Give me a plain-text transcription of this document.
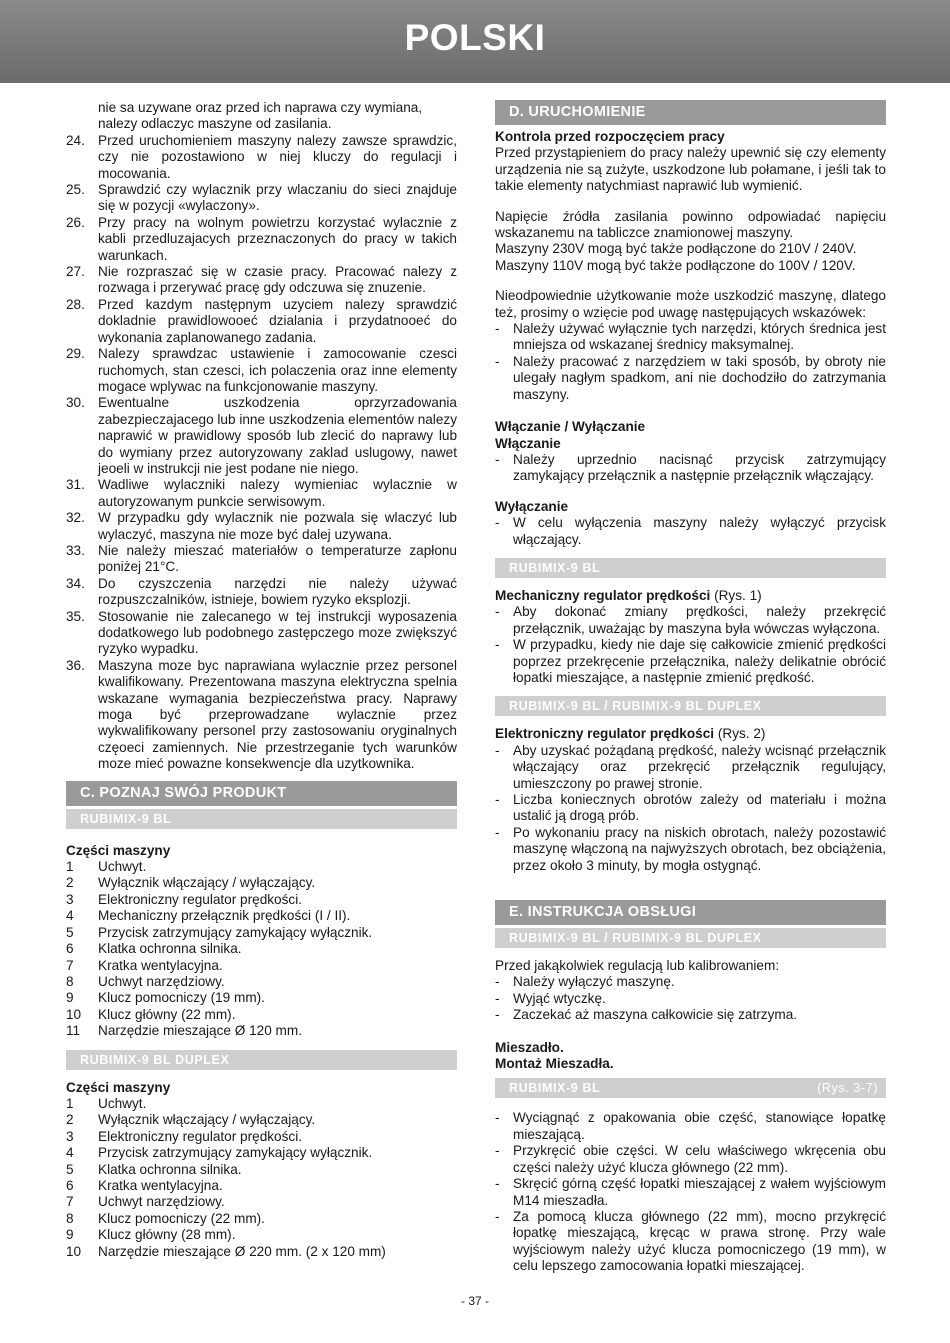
POLSKI
nie sa uzywane oraz przed ich naprawa czy wymiana,
nalezy odlaczyc maszyne od zasilania.
24. Przed uruchomieniem maszyny nalezy zawsze sprawdzic, czy nie pozostawiono w niej kluczy do regulacji i mocowania.
25. Sprawdzić czy wylacznik przy wlaczaniu do sieci znajduje się w pozycji «wylaczony».
26. Przy pracy na wolnym powietrzu korzystać wylacznie z kabli przedluzajacych przeznaczonych do pracy w takich warunkach.
27. Nie rozpraszać się w czasie pracy. Pracować nalezy z rozwaga i przerywać pracę gdy odczuwa się znuzenie.
28. Przed kazdym następnym uzyciem nalezy sprawdzić dokladnie prawidlowooeć dzialania i przydatnooeć do wykonania zaplanowanego zadania.
29. Nalezy sprawdzac ustawienie i zamocowanie czesci ruchomych, stan czesci, ich polaczenia oraz inne elementy mogace wplywac na funkcjonowanie maszyny.
30. Ewentualne uszkodzenia oprzyrzadowania zabezpieczajacego lub inne uszkodzenia elementów nalezy naprawić w prawidlowy sposób lub zlecić do naprawy lub do wymiany przez autoryzowany zaklad uslugowy, nawet jeoeli w instrukcji nie jest podane nie niego.
31. Wadliwe wylaczniki nalezy wymieniac wylacznie w autoryzowanym punkcie serwisowym.
32. W przypadku gdy wylacznik nie pozwala się wlaczyć lub wylaczyć, maszyna nie moze być dalej uzywana.
33. Nie należy mieszać materiałów o temperaturze zapłonu poniżej 21°C.
34. Do czyszczenia narzędzi nie należy używać rozpuszczalników, istnieje, bowiem ryzyko eksplozji.
35. Stosowanie nie zalecanego w tej instrukcji wyposazenia dodatkowego lub podobnego zastępczego moze zwiększyć ryzyko wypadku.
36. Maszyna moze byc naprawiana wylacznie przez personel kwalifikowany. Prezentowana maszyna elektryczna spelnia wskazane wymagania bezpieczeństwa pracy. Naprawy moga być przeprowadzane wylacznie przez wykwalifikowany personel przy zastosowaniu oryginalnych częoeci zamiennych. Nie przestrzeganie tych warunków moze mieć powazne konsekwencje dla uzytkownika.
C. POZNAJ SWÓJ PRODUKT
RUBIMIX-9 BL
Części maszyny
1	Uchwyt.
2	Wyłącznik włączający / wyłączający.
3	Elektroniczny regulator prędkości.
4	Mechaniczny przełącznik prędkości (I / II).
5	Przycisk zatrzymujący zamykający wyłącznik.
6	Klatka ochronna silnika.
7	Kratka wentylacyjna.
8	Uchwyt narzędziowy.
9	Klucz pomocniczy (19 mm).
10	Klucz główny (22 mm).
11	Narzędzie mieszające Ø 120 mm.
RUBIMIX-9 BL DUPLEX
Części maszyny
1	Uchwyt.
2	Wyłącznik włączający / wyłączający.
3	Elektroniczny regulator prędkości.
4	Przycisk zatrzymujący zamykający wyłącznik.
5	Klatka ochronna silnika.
6	Kratka wentylacyjna.
7	Uchwyt narzędziowy.
8	Klucz pomocniczy (22 mm).
9	Klucz główny (28 mm).
10	Narzędzie mieszające Ø 220 mm. (2 x 120 mm)
D. URUCHOMIENIE
Kontrola przed rozpoczęciem pracy

Przed przystąpieniem do pracy należy upewnić się czy elementy urządzenia nie są zużyte, uszkodzone lub połamane, i jeśli tak to takie elementy natychmiast naprawić lub wymienić.

Napięcie źródła zasilania powinno odpowiadać napięciu wskazanemu na tabliczce znamionowej maszyny.

Maszyny 230V mogą być także podłączone do 210V / 240V.

Maszyny 110V mogą być także podłączone do 100V / 120V.

Nieodpowiednie użytkowanie może uszkodzić maszynę, dlatego też, prosimy o wzięcie pod uwagę następujących wskazówek:

- Należy używać wyłącznie tych narzędzi, których średnica jest mniejsza od wskazanej średnicy maksymalnej.
- Należy pracować z narzędziem w taki sposób, by obroty nie ulegały nagłym spadkom, ani nie dochodziło do zatrzymania maszyny.
Włączanie / Wyłączanie
Włączanie
- Należy uprzednio nacisnąć przycisk zatrzymujący zamykający przełącznik a następnie przełącznik włączający.
Wyłączanie
- W celu wyłączenia maszyny należy wyłączyć przycisk włączający.
RUBIMIX-9 BL
Mechaniczny regulator prędkości (Rys. 1)
- Aby dokonać zmiany prędkości, należy przekręcić przełącznik, uważając by maszyna była wówczas wyłączona.
- W przypadku, kiedy nie daje się całkowicie zmienić prędkości poprzez przekręcenie przełącznika, należy delikatnie obrócić łopatki mieszające, a następnie zmienić prędkość.
RUBIMIX-9 BL / RUBIMIX-9 BL DUPLEX
Elektroniczny regulator prędkości (Rys. 2)
- Aby uzyskać pożądaną prędkość, należy wcisnąć przełącznik włączający oraz przekręcić przełącznik regulujący, umieszczony po prawej stronie.
- Liczba koniecznych obrotów zależy od materiału i można ustalić ją drogą prób.
- Po wykonaniu pracy na niskich obrotach, należy pozostawić maszynę włączoną na najwyższych obrotach, bez obciążenia, przez około 3 minuty, by mogła ostygnąć.
E. INSTRUKCJA OBSŁUGI
RUBIMIX-9 BL / RUBIMIX-9 BL DUPLEX

Przed jakąkolwiek regulacją lub kalibrowaniem:

- Należy wyłączyć maszynę.
- Wyjąć wtyczkę.
- Zaczekać aż maszyna całkowicie się zatrzyma.
Mieszadło.
Montaż Mieszadła.
RUBIMIX-9 BL	(Rys. 3-7)
- Wyciągnąć z opakowania obie część, stanowiące łopatkę mieszającą.
- Przykręcić obie części. W celu właściwego wkręcenia obu części należy użyć klucza głównego (22 mm).
- Skręcić górną część łopatki mieszającej z wałem wyjściowym M14 mieszadła.
- Za pomocą klucza głównego (22 mm), mocno przykręcić łopatkę mieszającą, kręcąc w prawa stronę. Przy wale wyjściowym należy użyć klucza pomocniczego (19 mm), w celu lepszego zamocowania łopatki mieszającej.
- 37 -
